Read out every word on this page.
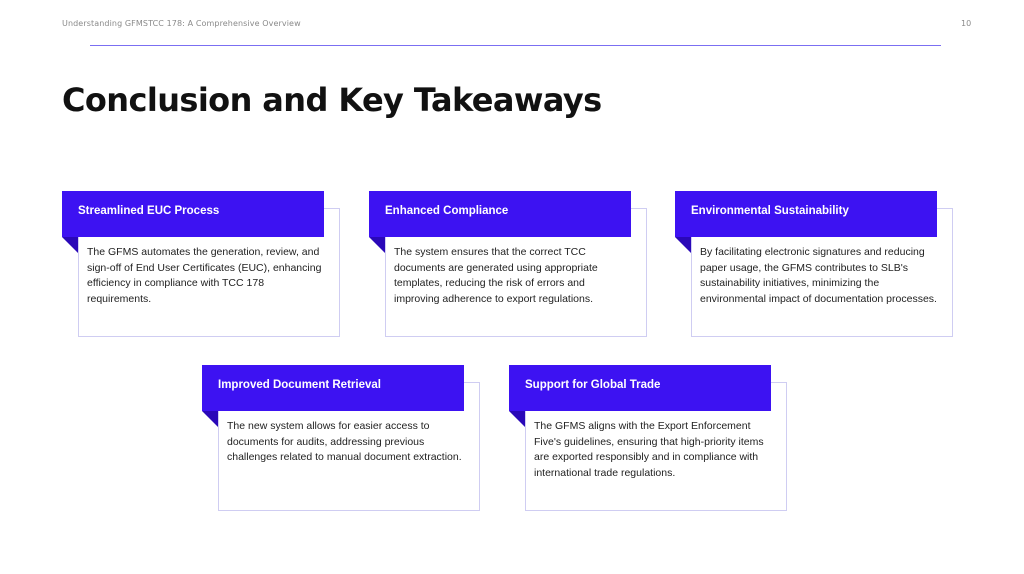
Understanding GFMSTCC 178: A Comprehensive Overview	10
Conclusion and Key Takeaways
Streamlined EUC Process
The GFMS automates the generation, review, and sign-off of End User Certificates (EUC), enhancing efficiency in compliance with TCC 178 requirements.
Enhanced Compliance
The system ensures that the correct TCC documents are generated using appropriate templates, reducing the risk of errors and improving adherence to export regulations.
Environmental Sustainability
By facilitating electronic signatures and reducing paper usage, the GFMS contributes to SLB's sustainability initiatives, minimizing the environmental impact of documentation processes.
Improved Document Retrieval
The new system allows for easier access to documents for audits, addressing previous challenges related to manual document extraction.
Support for Global Trade
The GFMS aligns with the Export Enforcement Five's guidelines, ensuring that high-priority items are exported responsibly and in compliance with international trade regulations.
